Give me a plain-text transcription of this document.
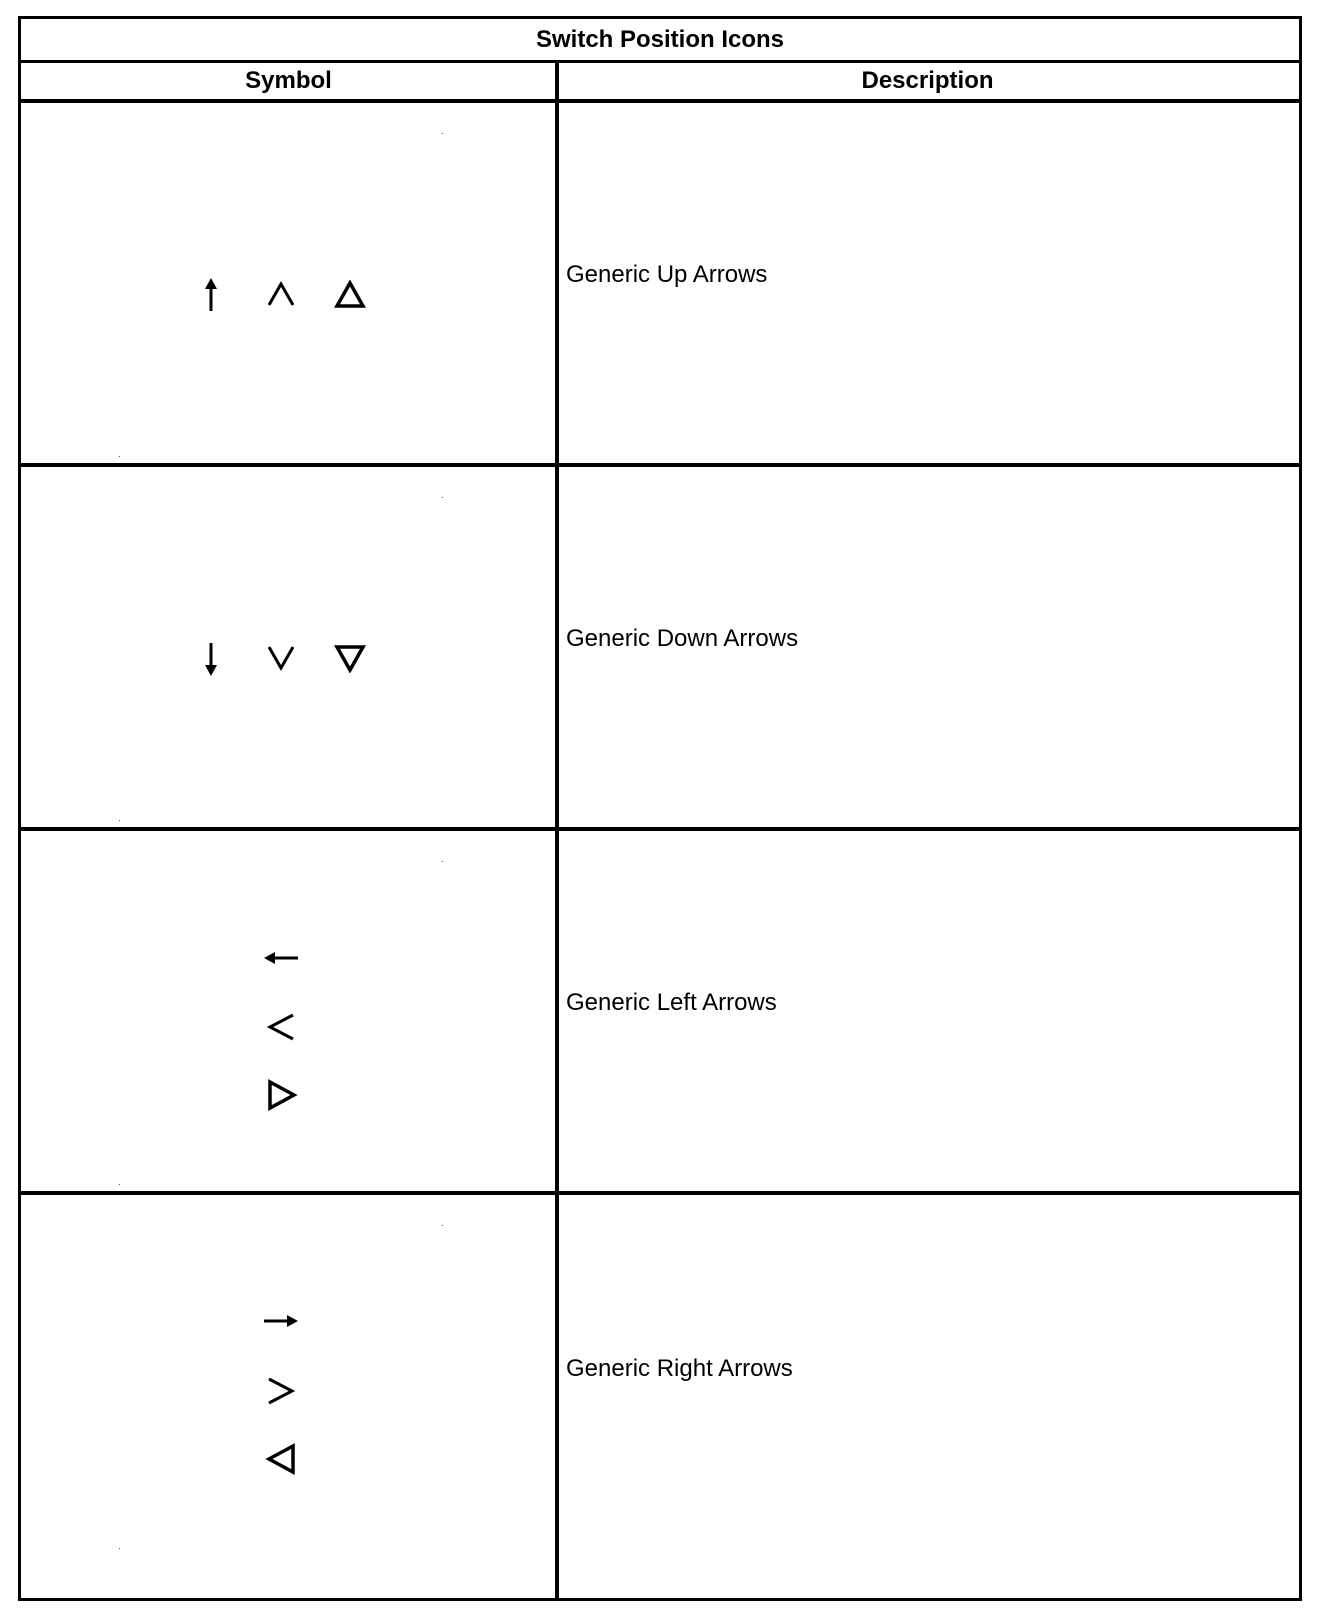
Switch Position Icons
Symbol	Description
Generic Up Arrows
Generic Down Arrows
Generic Left Arrows
Generic Right Arrows
